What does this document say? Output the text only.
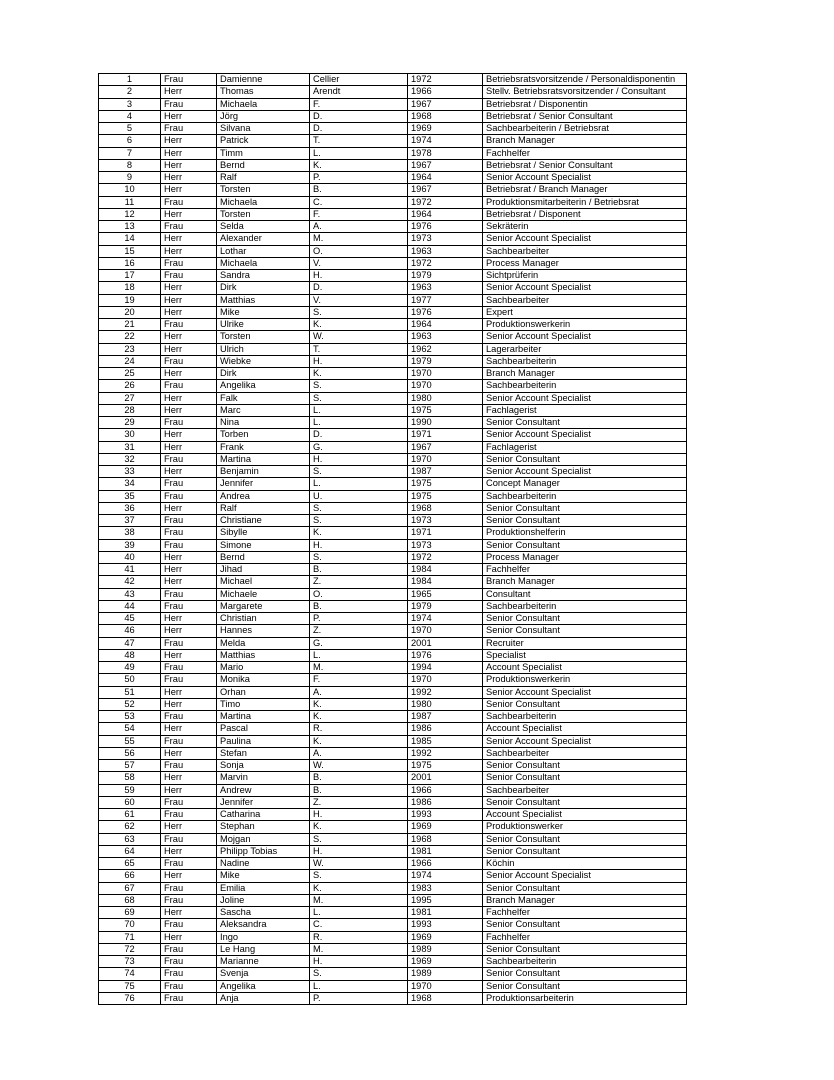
1	Frau	Damienne	Cellier	1972	Betriebsratsvorsitzende / Personaldisponentin
2	Herr	Thomas	Arendt	1966	Stellv. Betriebsratsvorsitzender / Consultant
3	Frau	Michaela	F.	1967	Betriebsrat / Disponentin
4	Herr	Jörg	D.	1968	Betriebsrat / Senior Consultant
5	Frau	Silvana	D.	1969	Sachbearbeiterin / Betriebsrat
6	Herr	Patrick	T.	1974	Branch Manager
7	Herr	Timm	L.	1978	Fachhelfer
8	Herr	Bernd	K.	1967	Betriebsrat / Senior Consultant
9	Herr	Ralf	P.	1964	Senior Account Specialist
10	Herr	Torsten	B.	1967	Betriebsrat / Branch Manager
11	Frau	Michaela	C.	1972	Produktionsmitarbeiterin / Betriebsrat
12	Herr	Torsten	F.	1964	Betriebsrat / Disponent
13	Frau	Selda	A.	1976	Sekräterin
14	Herr	Alexander	M.	1973	Senior Account Specialist
15	Herr	Lothar	O.	1963	Sachbearbeiter
16	Frau	Michaela	V.	1972	Process Manager
17	Frau	Sandra	H.	1979	Sichtprüferin
18	Herr	Dirk	D.	1963	Senior Account Specialist
19	Herr	Matthias	V.	1977	Sachbearbeiter
20	Herr	Mike	S.	1976	Expert
21	Frau	Ulrike	K.	1964	Produktionswerkerin
22	Herr	Torsten	W.	1963	Senior Account Specialist
23	Herr	Ulrich	T.	1962	Lagerarbeiter
24	Frau	Wiebke	H.	1979	Sachbearbeiterin
25	Herr	Dirk	K.	1970	Branch Manager
26	Frau	Angelika	S.	1970	Sachbearbeiterin
27	Herr	Falk	S.	1980	Senior Account Specialist
28	Herr	Marc	L.	1975	Fachlagerist
29	Frau	Nina	L.	1990	Senior Consultant
30	Herr	Torben	D.	1971	Senior Account Specialist
31	Herr	Frank	G.	1967	Fachlagerist
32	Frau	Martina	H.	1970	Senior Consultant
33	Herr	Benjamin	S.	1987	Senior Account Specialist
34	Frau	Jennifer	L.	1975	Concept Manager
35	Frau	Andrea	U.	1975	Sachbearbeiterin
36	Herr	Ralf	S.	1968	Senior Consultant
37	Frau	Christiane	S.	1973	Senior Consultant
38	Frau	Sibylle	K.	1971	Produktionshelferin
39	Frau	Simone	H.	1973	Senior Consultant
40	Herr	Bernd	S.	1972	Process Manager
41	Herr	Jihad	B.	1984	Fachhelfer
42	Herr	Michael	Z.	1984	Branch Manager
43	Frau	Michaele	O.	1965	Consultant
44	Frau	Margarete	B.	1979	Sachbearbeiterin
45	Herr	Christian	P.	1974	Senior Consultant
46	Herr	Hannes	Z.	1970	Senior Consultant
47	Frau	Melda	G.	2001	Recruiter
48	Herr	Matthias	L.	1976	Specialist
49	Frau	Mario	M.	1994	Account Specialist
50	Frau	Monika	F.	1970	Produktionswerkerin
51	Herr	Orhan	A.	1992	Senior Account Specialist
52	Herr	Timo	K.	1980	Senior Consultant
53	Frau	Martina	K.	1987	Sachbearbeiterin
54	Herr	Pascal	R.	1986	Account Specialist
55	Frau	Paulina	K.	1985	Senior Account Specialist
56	Herr	Stefan	A.	1992	Sachbearbeiter
57	Frau	Sonja	W.	1975	Senior Consultant
58	Herr	Marvin	B.	2001	Senior Consultant
59	Herr	Andrew	B.	1966	Sachbearbeiter
60	Frau	Jennifer	Z.	1986	Senoir Consultant
61	Frau	Catharina	H.	1993	Account Specialist
62	Herr	Stephan	K.	1969	Produktionswerker
63	Frau	Mojgan	S.	1968	Senior Consultant
64	Herr	Philipp Tobias	H.	1981	Senior Consultant
65	Frau	Nadine	W.	1966	Köchin
66	Herr	Mike	S.	1974	Senior Account Specialist
67	Frau	Emilia	K.	1983	Senior Consultant
68	Frau	Joline	M.	1995	Branch Manager
69	Herr	Sascha	L.	1981	Fachhelfer
70	Frau	Aleksandra	C.	1993	Senior Consultant
71	Herr	Ingo	R.	1969	Fachhelfer
72	Frau	Le Hang	M.	1989	Senior Consultant
73	Frau	Marianne	H.	1969	Sachbearbeiterin
74	Frau	Svenja	S.	1989	Senior Consultant
75	Frau	Angelika	L.	1970	Senior Consultant
76	Frau	Anja	P.	1968	Produktionsarbeiterin
